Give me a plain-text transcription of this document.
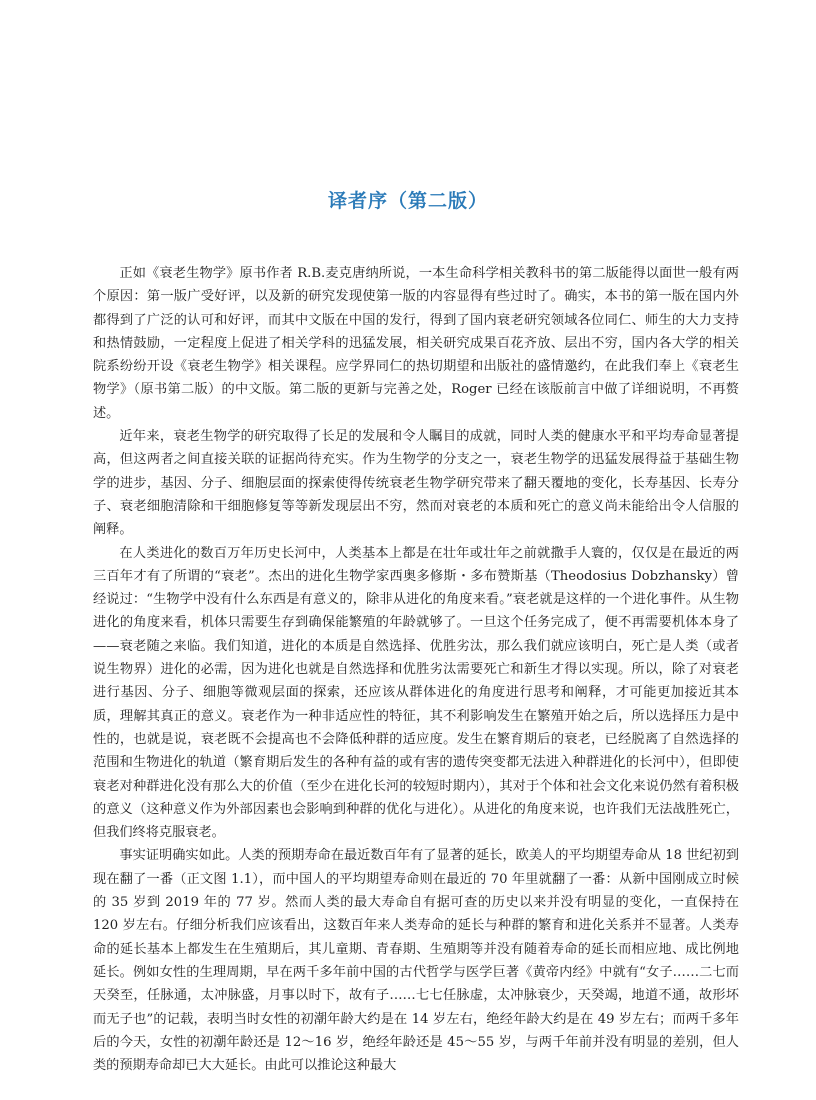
译者序（第二版）

正如《衰老生物学》原书作者 R.B.麦克唐纳所说，一本生命科学相关教科书的第二版能得以面世一般有两个原因：第一版广受好评，以及新的研究发现使第一版的内容显得有些过时了。确实，本书的第一版在国内外都得到了广泛的认可和好评，而其中文版在中国的发行，得到了国内衰老研究领域各位同仁、师生的大力支持和热情鼓励，一定程度上促进了相关学科的迅猛发展，相关研究成果百花齐放、层出不穷，国内各大学的相关院系纷纷开设《衰老生物学》相关课程。应学界同仁的热切期望和出版社的盛情邀约，在此我们奉上《衰老生物学》（原书第二版）的中文版。第二版的更新与完善之处，Roger 已经在该版前言中做了详细说明，不再赘述。

近年来，衰老生物学的研究取得了长足的发展和令人瞩目的成就，同时人类的健康水平和平均寿命显著提高，但这两者之间直接关联的证据尚待充实。作为生物学的分支之一，衰老生物学的迅猛发展得益于基础生物学的进步，基因、分子、细胞层面的探索使得传统衰老生物学研究带来了翻天覆地的变化，长寿基因、长寿分子、衰老细胞清除和干细胞修复等等新发现层出不穷，然而对衰老的本质和死亡的意义尚未能给出令人信服的阐释。

在人类进化的数百万年历史长河中，人类基本上都是在壮年或壮年之前就撒手人寰的，仅仅是在最近的两三百年才有了所谓的“衰老”。杰出的进化生物学家西奥多修斯・多布赞斯基（Theodosius Dobzhansky）曾经说过：“生物学中没有什么东西是有意义的，除非从进化的角度来看。”衰老就是这样的一个进化事件。从生物进化的角度来看，机体只需要生存到确保能繁殖的年龄就够了。一旦这个任务完成了，便不再需要机体本身了——衰老随之来临。我们知道，进化的本质是自然选择、优胜劣汰，那么我们就应该明白，死亡是人类（或者说生物界）进化的必需，因为进化也就是自然选择和优胜劣汰需要死亡和新生才得以实现。所以，除了对衰老进行基因、分子、细胞等微观层面的探索，还应该从群体进化的角度进行思考和阐释，才可能更加接近其本质，理解其真正的意义。衰老作为一种非适应性的特征，其不利影响发生在繁殖开始之后，所以选择压力是中性的，也就是说，衰老既不会提高也不会降低种群的适应度。发生在繁育期后的衰老，已经脱离了自然选择的范围和生物进化的轨道（繁育期后发生的各种有益的或有害的遗传突变都无法进入种群进化的长河中），但即使衰老对种群进化没有那么大的价值（至少在进化长河的较短时期内），其对于个体和社会文化来说仍然有着积极的意义（这种意义作为外部因素也会影响到种群的优化与进化）。从进化的角度来说，也许我们无法战胜死亡，但我们终将克服衰老。

事实证明确实如此。人类的预期寿命在最近数百年有了显著的延长，欧美人的平均期望寿命从 18 世纪初到现在翻了一番（正文图 1.1），而中国人的平均期望寿命则在最近的 70 年里就翻了一番：从新中国刚成立时候的 35 岁到 2019 年的 77 岁。然而人类的最大寿命自有据可查的历史以来并没有明显的变化，一直保持在 120 岁左右。仔细分析我们应该看出，这数百年来人类寿命的延长与种群的繁育和进化关系并不显著。人类寿命的延长基本上都发生在生殖期后，其儿童期、青春期、生殖期等并没有随着寿命的延长而相应地、成比例地延长。例如女性的生理周期，早在两千多年前中国的古代哲学与医学巨著《黄帝内经》中就有“女子……二七而天癸至，任脉通，太冲脉盛，月事以时下，故有子……七七任脉虚，太冲脉衰少，天癸竭，地道不通，故形坏而无子也”的记载，表明当时女性的初潮年龄大约是在 14 岁左右，绝经年龄大约是在 49 岁左右；而两千多年后的今天，女性的初潮年龄还是 12～16 岁，绝经年龄还是 45～55 岁，与两千年前并没有明显的差别，但人类的预期寿命却已大大延长。由此可以推论这种最大
